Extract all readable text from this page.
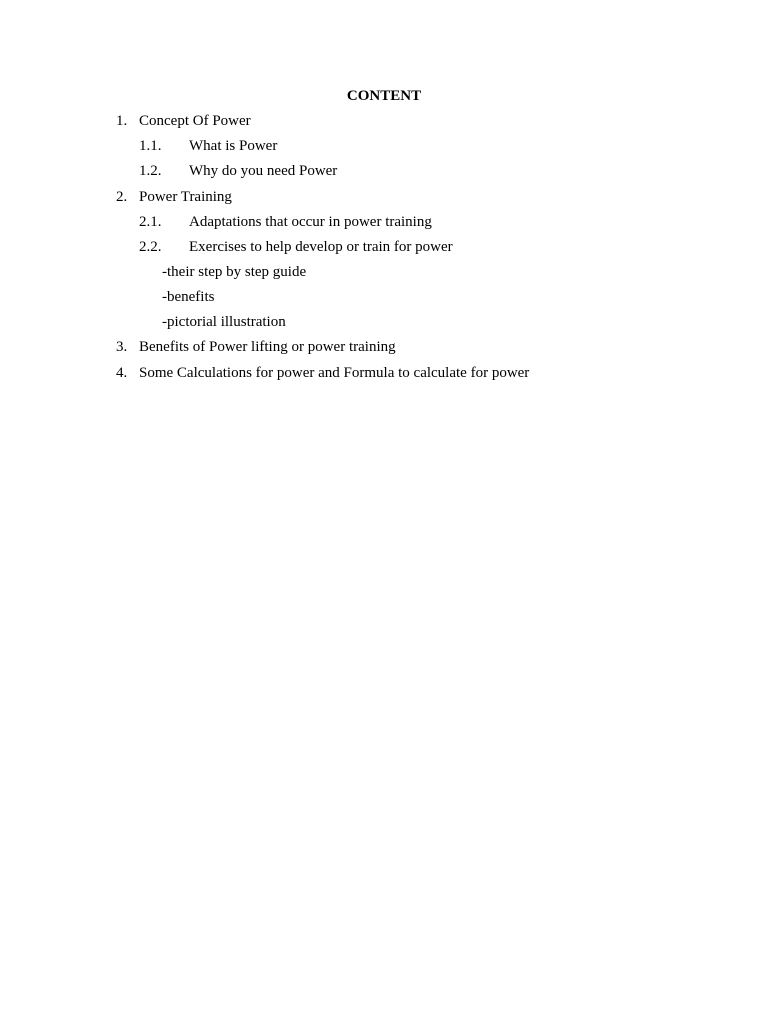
CONTENT
1. Concept Of Power
1.1. What is Power
1.2. Why do you need Power
2. Power Training
2.1. Adaptations that occur in power training
2.2. Exercises to help develop or train for power
-their step by step guide
-benefits
-pictorial illustration
3. Benefits of Power lifting or power training
4. Some Calculations for power and Formula to calculate for power
